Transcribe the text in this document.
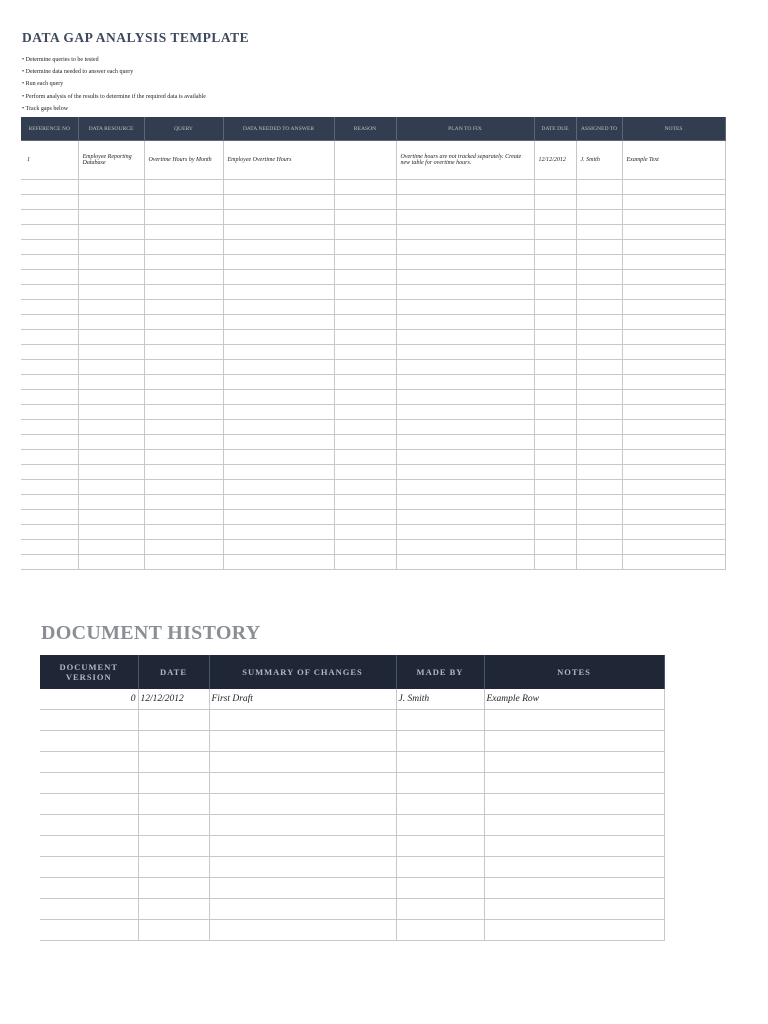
DATA GAP ANALYSIS TEMPLATE
• Determine queries to be tested
• Determine data needed to answer each query
• Run each query
• Perform analysis of the results to determine if the required data is available
• Track gaps below
REFERENCE NO	DATA RESOURCE	QUERY	DATA NEEDED TO ANSWER	REASON	PLAN TO FIX	DATE DUE	ASSIGNED TO	NOTES
1	Employee Reporting Database	Overtime Hours by Month	Employee Overtime Hours		Overtime hours are not tracked separately. Create new table for overtime hours.	12/12/2012	J. Smith	Example Text

DOCUMENT HISTORY
DOCUMENT VERSION	DATE	SUMMARY OF CHANGES	MADE BY	NOTES
0	12/12/2012	First Draft	J. Smith	Example Row
